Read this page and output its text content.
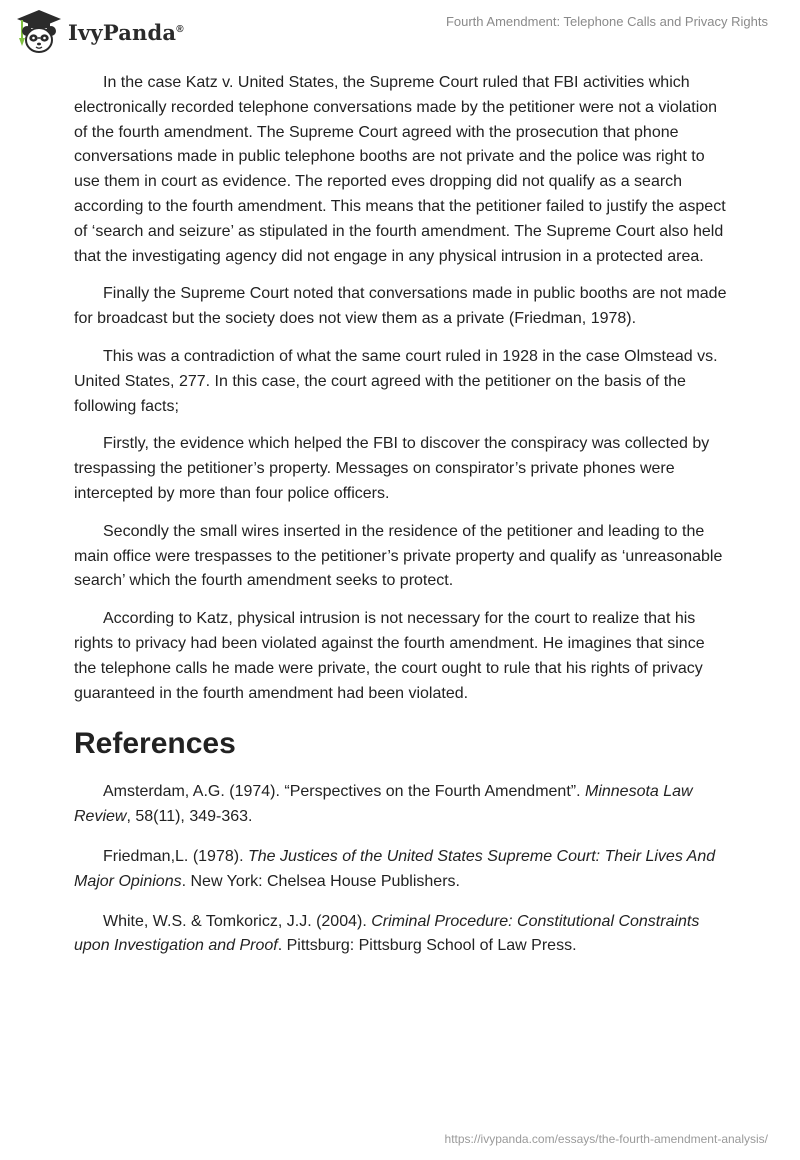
IvyPanda®	Fourth Amendment: Telephone Calls and Privacy Rights

In the case Katz v. United States, the Supreme Court ruled that FBI activities which electronically recorded telephone conversations made by the petitioner were not a violation of the fourth amendment. The Supreme Court agreed with the prosecution that phone conversations made in public telephone booths are not private and the police was right to use them in court as evidence. The reported eves dropping did not qualify as a search according to the fourth amendment. This means that the petitioner failed to justify the aspect of ‘search and seizure’ as stipulated in the fourth amendment. The Supreme Court also held that the investigating agency did not engage in any physical intrusion in a protected area.

Finally the Supreme Court noted that conversations made in public booths are not made for broadcast but the society does not view them as a private (Friedman, 1978).

This was a contradiction of what the same court ruled in 1928 in the case Olmstead vs. United States, 277. In this case, the court agreed with the petitioner on the basis of the following facts;

Firstly, the evidence which helped the FBI to discover the conspiracy was collected by trespassing the petitioner’s property. Messages on conspirator’s private phones were intercepted by more than four police officers.

Secondly the small wires inserted in the residence of the petitioner and leading to the main office were trespasses to the petitioner’s private property and qualify as ‘unreasonable search’ which the fourth amendment seeks to protect.

According to Katz, physical intrusion is not necessary for the court to realize that his rights to privacy had been violated against the fourth amendment. He imagines that since the telephone calls he made were private, the court ought to rule that his rights of privacy guaranteed in the fourth amendment had been violated.

References

Amsterdam, A.G. (1974). “Perspectives on the Fourth Amendment”. Minnesota Law Review, 58(11), 349-363.

Friedman,L. (1978). The Justices of the United States Supreme Court: Their Lives And Major Opinions. New York: Chelsea House Publishers.

White, W.S. & Tomkoricz, J.J. (2004). Criminal Procedure: Constitutional Constraints upon Investigation and Proof. Pittsburg: Pittsburg School of Law Press.

https://ivypanda.com/essays/the-fourth-amendment-analysis/
